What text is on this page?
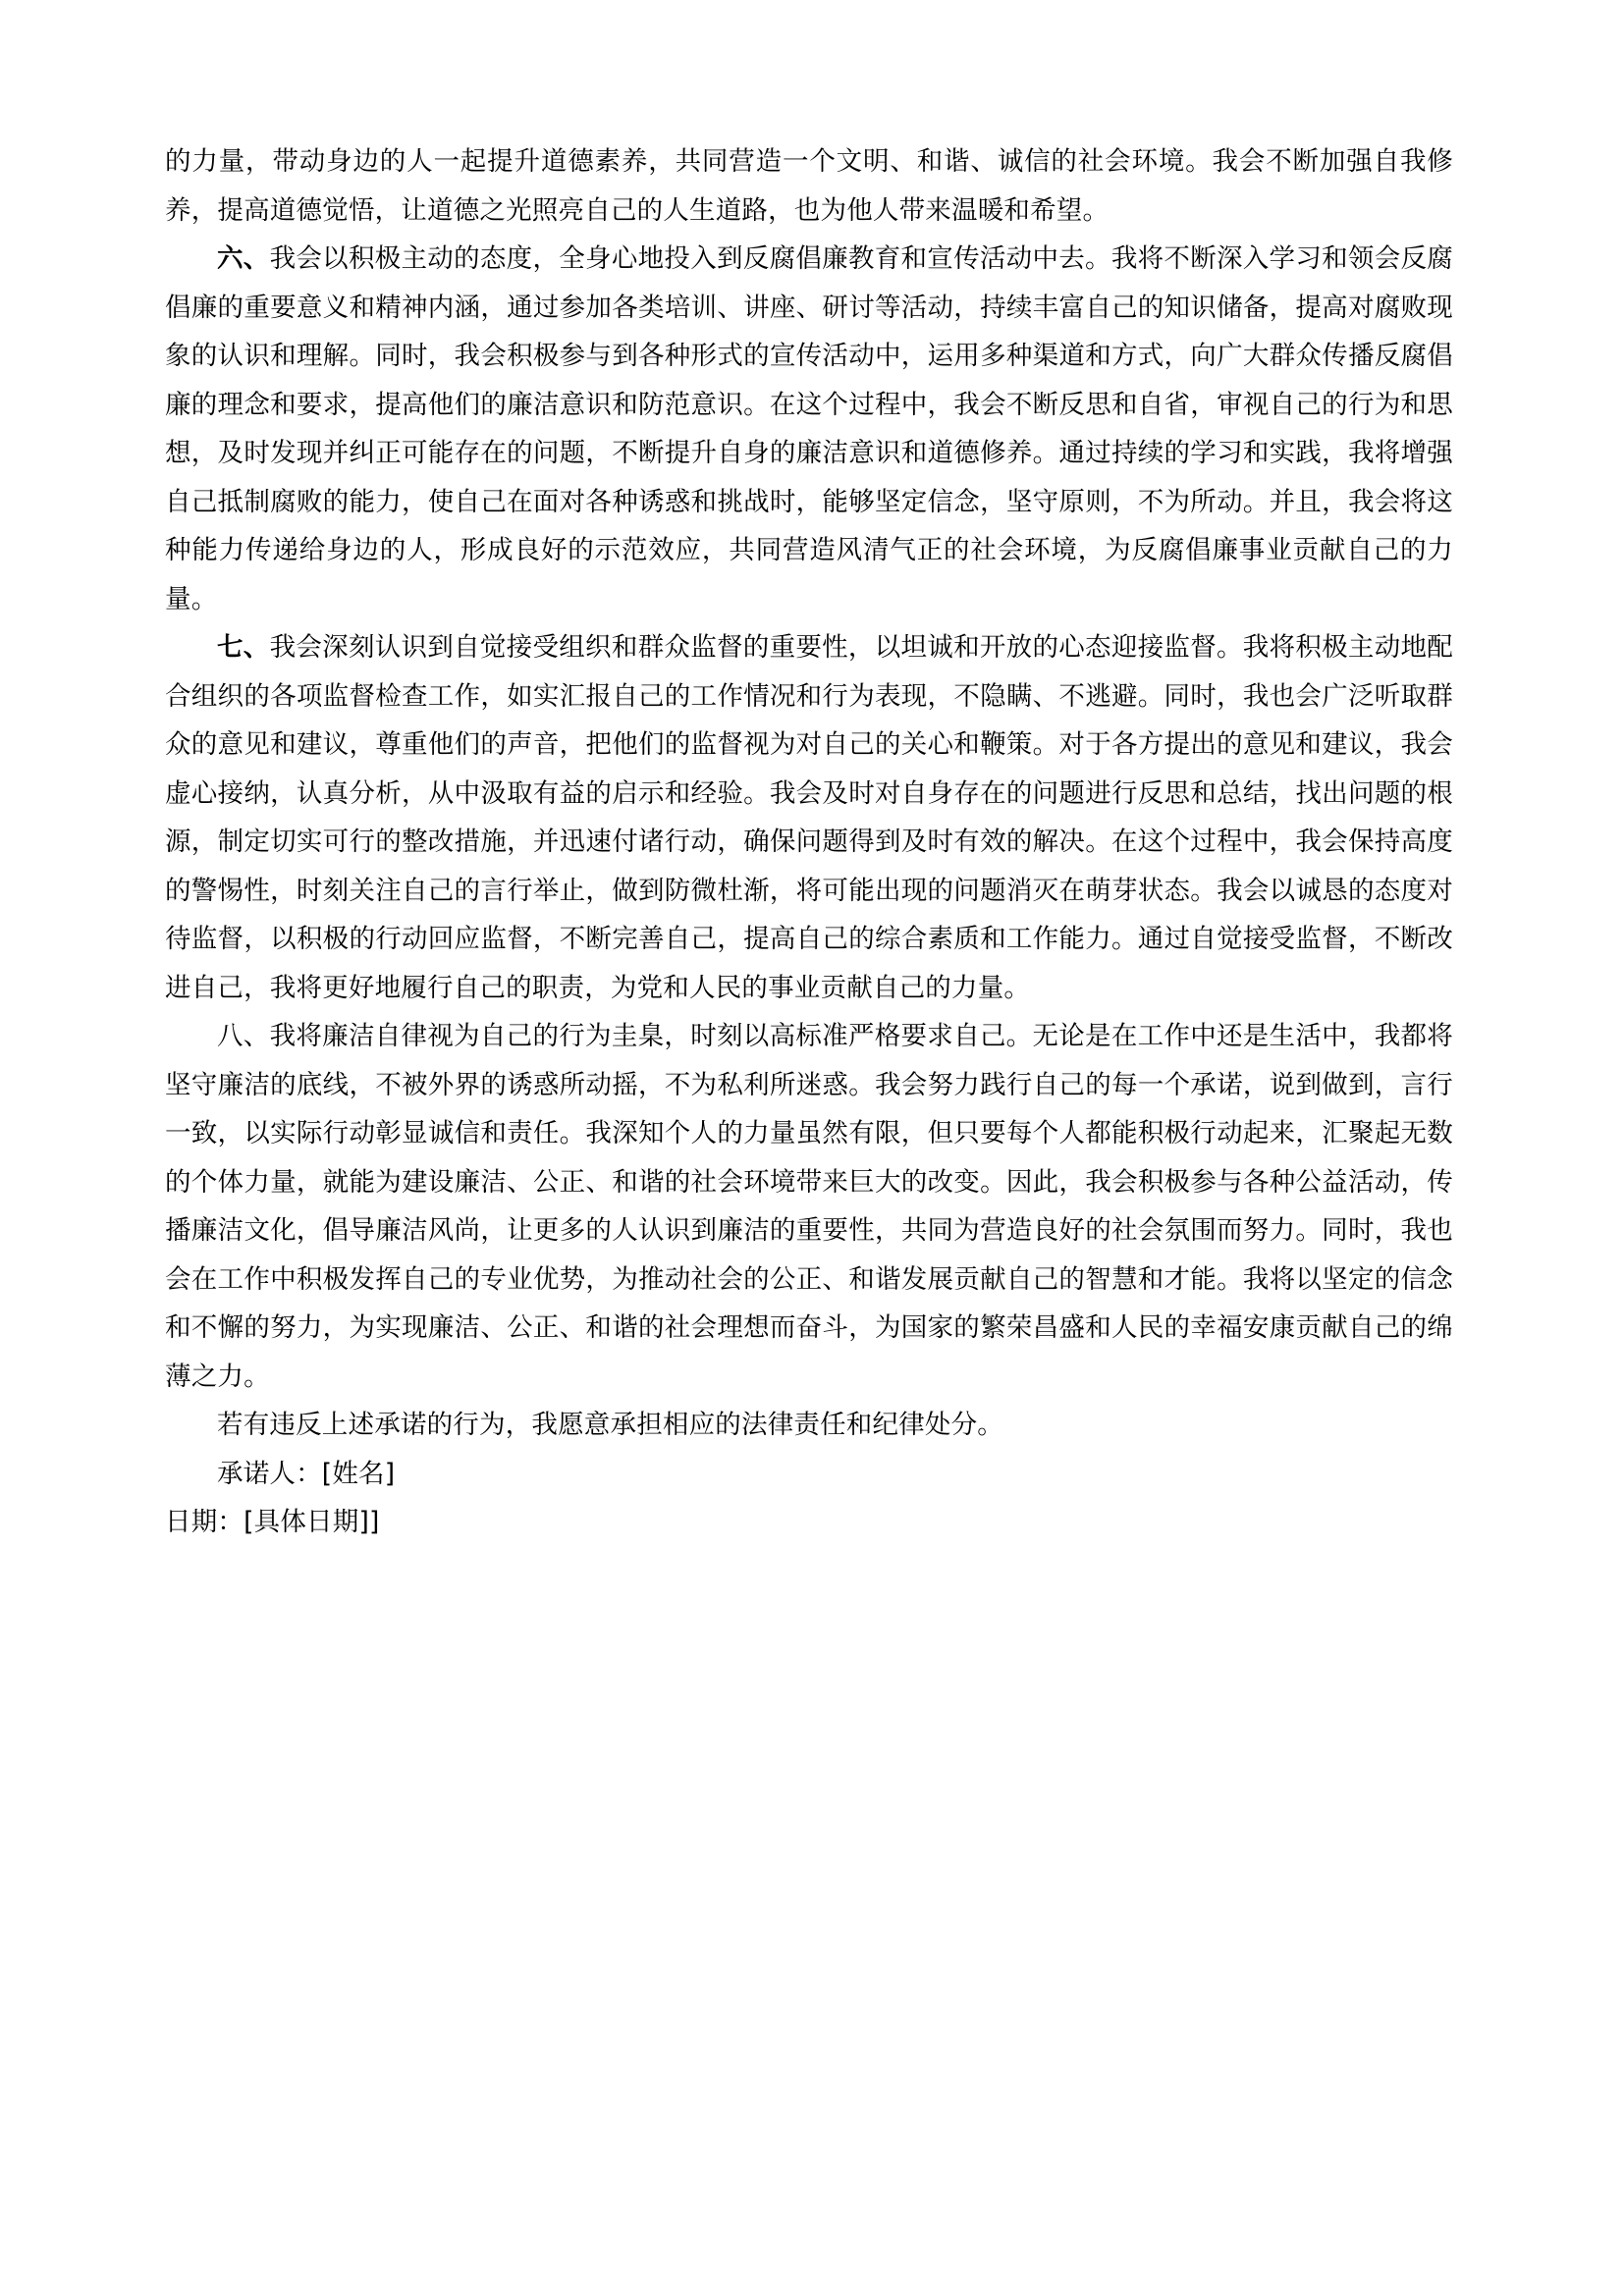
的力量，带动身边的人一起提升道德素养，共同营造一个文明、和谐、诚信的社会环境。我会不断加强自我修养，提高道德觉悟，让道德之光照亮自己的人生道路，也为他人带来温暖和希望。

六、我会以积极主动的态度，全身心地投入到反腐倡廉教育和宣传活动中去。我将不断深入学习和领会反腐倡廉的重要意义和精神内涵，通过参加各类培训、讲座、研讨等活动，持续丰富自己的知识储备，提高对腐败现象的认识和理解。同时，我会积极参与到各种形式的宣传活动中，运用多种渠道和方式，向广大群众传播反腐倡廉的理念和要求，提高他们的廉洁意识和防范意识。在这个过程中，我会不断反思和自省，审视自己的行为和思想，及时发现并纠正可能存在的问题，不断提升自身的廉洁意识和道德修养。通过持续的学习和实践，我将增强自己抵制腐败的能力，使自己在面对各种诱惑和挑战时，能够坚定信念，坚守原则，不为所动。并且，我会将这种能力传递给身边的人，形成良好的示范效应，共同营造风清气正的社会环境，为反腐倡廉事业贡献自己的力量。

七、我会深刻认识到自觉接受组织和群众监督的重要性，以坦诚和开放的心态迎接监督。我将积极主动地配合组织的各项监督检查工作，如实汇报自己的工作情况和行为表现，不隐瞒、不逃避。同时，我也会广泛听取群众的意见和建议，尊重他们的声音，把他们的监督视为对自己的关心和鞭策。对于各方提出的意见和建议，我会虚心接纳，认真分析，从中汲取有益的启示和经验。我会及时对自身存在的问题进行反思和总结，找出问题的根源，制定切实可行的整改措施，并迅速付诸行动，确保问题得到及时有效的解决。在这个过程中，我会保持高度的警惕性，时刻关注自己的言行举止，做到防微杜渐，将可能出现的问题消灭在萌芽状态。我会以诚恳的态度对待监督，以积极的行动回应监督，不断完善自己，提高自己的综合素质和工作能力。通过自觉接受监督，不断改进自己，我将更好地履行自己的职责，为党和人民的事业贡献自己的力量。

八、我将廉洁自律视为自己的行为圭臬，时刻以高标准严格要求自己。无论是在工作中还是生活中，我都将坚守廉洁的底线，不被外界的诱惑所动摇，不为私利所迷惑。我会努力践行自己的每一个承诺，说到做到，言行一致，以实际行动彰显诚信和责任。我深知个人的力量虽然有限，但只要每个人都能积极行动起来，汇聚起无数的个体力量，就能为建设廉洁、公正、和谐的社会环境带来巨大的改变。因此，我会积极参与各种公益活动，传播廉洁文化，倡导廉洁风尚，让更多的人认识到廉洁的重要性，共同为营造良好的社会氛围而努力。同时，我也会在工作中积极发挥自己的专业优势，为推动社会的公正、和谐发展贡献自己的智慧和才能。我将以坚定的信念和不懈的努力，为实现廉洁、公正、和谐的社会理想而奋斗，为国家的繁荣昌盛和人民的幸福安康贡献自己的绵薄之力。

若有违反上述承诺的行为，我愿意承担相应的法律责任和纪律处分。

承诺人：[姓名]

日期：[具体日期]]
